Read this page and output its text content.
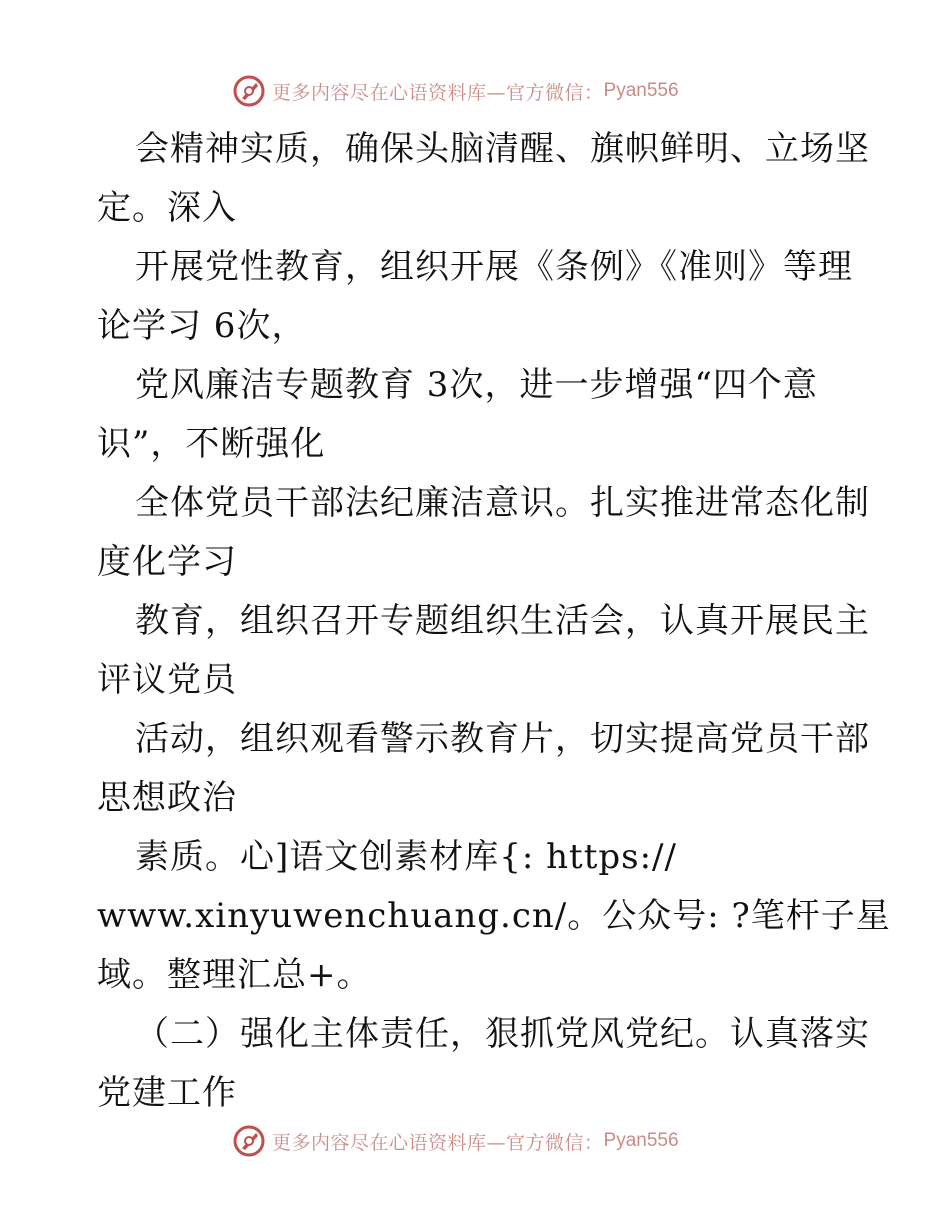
更多内容尽在心语资料库—官方微信： Pyan556
会精神实质，确保头脑清醒、旗帜鲜明、立场坚
定。深入
开展党性教育，组织开展《条例》《准则》等理
论学习 6次，
党风廉洁专题教育 3次，进一步增强“四个意
识”，不断强化
全体党员干部法纪廉洁意识。扎实推进常态化制
度化学习
教育，组织召开专题组织生活会，认真开展民主
评议党员
活动，组织观看警示教育片，切实提高党员干部
思想政治
素质。心]语文创素材库{: https://
www.xinyuwenchuang.cn/。公众号: ?笔杆子星
域。整理汇总+。
（二）强化主体责任，狠抓党风党纪。认真落实
党建工作
更多内容尽在心语资料库—官方微信： Pyan556
